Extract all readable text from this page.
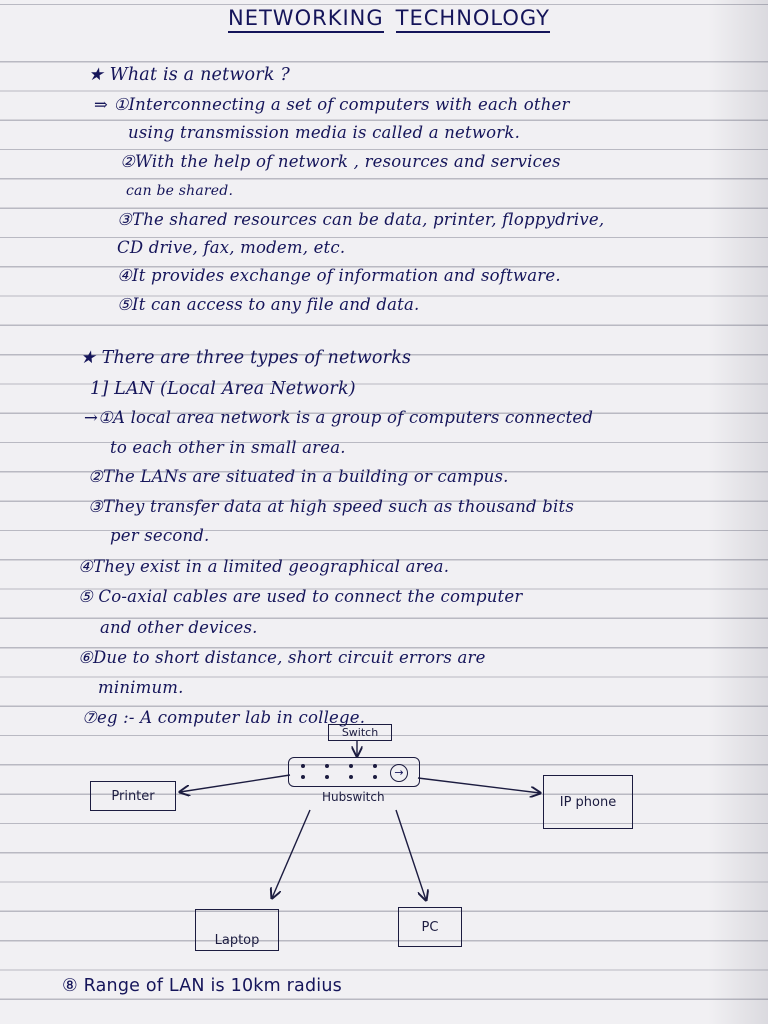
NETWORKING TECHNOLOGY
★ What is a network ?
⇒ ①Interconnecting a set of computers with each other
using transmission media is called a network.
②With the help of network , resources and services
can be shared.
③The shared resources can be data, printer, floppydrive,
CD drive, fax, modem, etc.
④It provides exchange of information and software.
⑤It can access to any file and data.
★ There are three types of networks
1] LAN (Local Area Network)
→①A local area network is a group of computers connected
to each other in small area.
②The LANs are situated in a building or campus.
③They transfer data at high speed such as thousand bits
per second.
④They exist in a limited geographical area.
⑤ Co-axial cables are used to connect the computer
and other devices.
⑥Due to short distance, short circuit errors are
minimum.
⑦eg :- A computer lab in college.
Switch
→
Hubswitch
Printer	IP phone
Laptop
PC
⑧ Range of LAN is 10km radius
